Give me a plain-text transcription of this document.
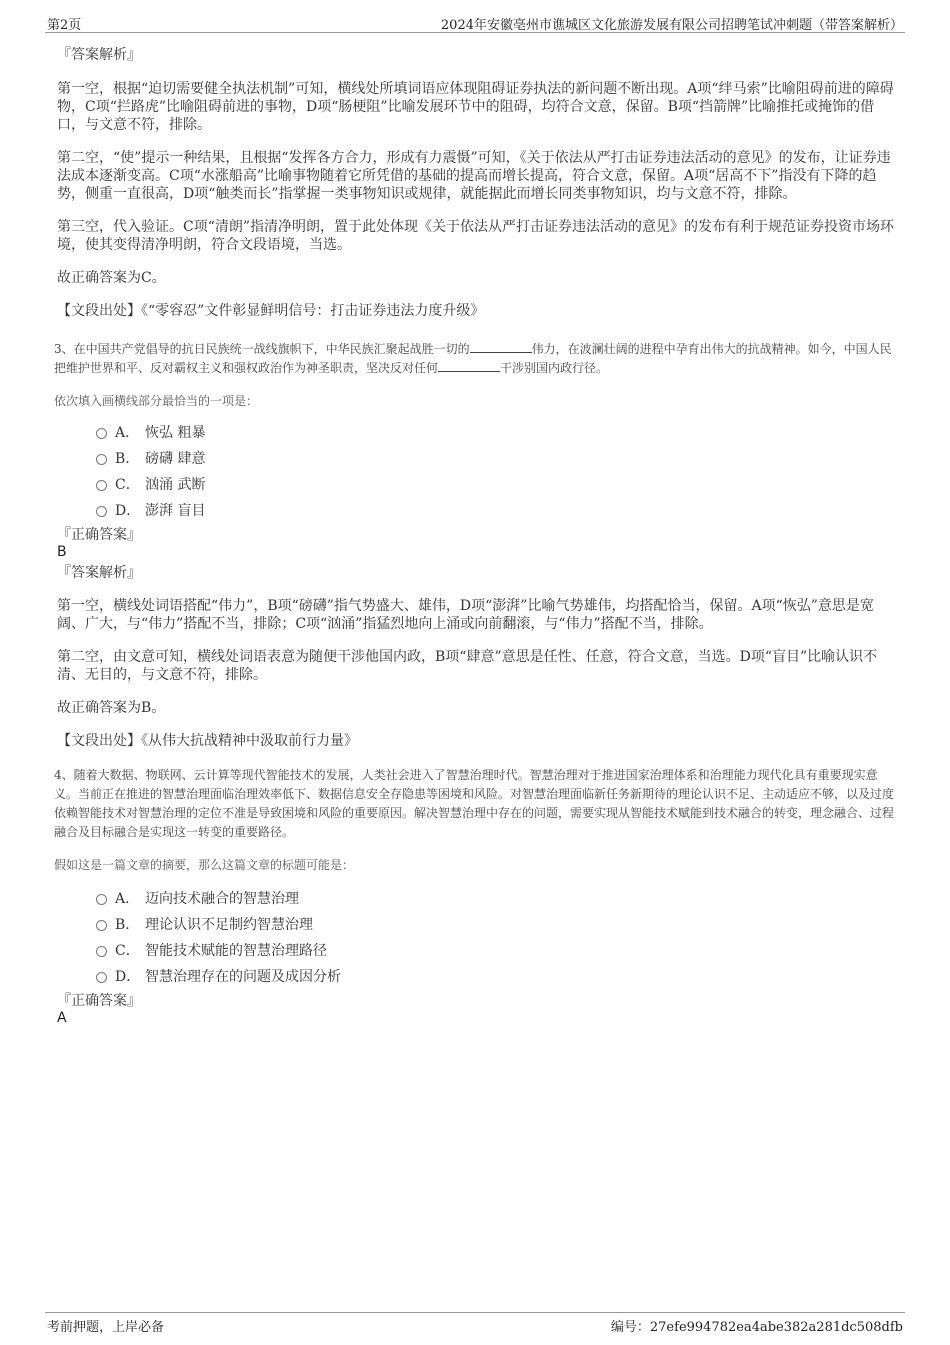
第2页	2024年安徽亳州市谯城区文化旅游发展有限公司招聘笔试冲刺题（带答案解析）

『答案解析』

第一空，根据“迫切需要健全执法机制”可知，横线处所填词语应体现阻碍证券执法的新问题不断出现。A项“绊马索”比喻阻碍前进的障碍物，C项“拦路虎”比喻阻碍前进的事物，D项“肠梗阻”比喻发展环节中的阻碍，均符合文意，保留。B项“挡箭牌”比喻推托或掩饰的借口，与文意不符，排除。

第二空，“使”提示一种结果，且根据“发挥各方合力，形成有力震慑”可知，《关于依法从严打击证券违法活动的意见》的发布，让证券违法成本逐渐变高。C项“水涨船高”比喻事物随着它所凭借的基础的提高而增长提高，符合文意，保留。A项“居高不下”指没有下降的趋势，侧重一直很高，D项“触类而长”指掌握一类事物知识或规律，就能据此而增长同类事物知识，均与文意不符，排除。

第三空，代入验证。C项“清朗”指清净明朗，置于此处体现《关于依法从严打击证券违法活动的意见》的发布有利于规范证券投资市场环境，使其变得清净明朗，符合文段语境，当选。

故正确答案为C。

【文段出处】《“零容忍”文件彰显鲜明信号：打击证券违法力度升级》

3、在中国共产党倡导的抗日民族统一战线旗帜下，中华民族汇聚起战胜一切的	伟力，在波澜壮阔的进程中孕育出伟大的抗战精神。如今，中国人民把维护世界和平、反对霸权主义和强权政治作为神圣职责，坚决反对任何	干涉别国内政行径。

依次填入画横线部分最恰当的一项是：

A． 恢弘 粗暴
B． 磅礴 肆意
C． 汹涌 武断
D． 澎湃 盲目

『正确答案』

B

『答案解析』

第一空，横线处词语搭配“伟力”，B项“磅礴”指气势盛大、雄伟，D项“澎湃”比喻气势雄伟，均搭配恰当，保留。A项“恢弘”意思是宽阔、广大，与“伟力”搭配不当，排除；C项“汹涌”指猛烈地向上涌或向前翻滚，与“伟力”搭配不当，排除。

第二空，由文意可知，横线处词语表意为随便干涉他国内政，B项“肆意”意思是任性、任意，符合文意，当选。D项“盲目”比喻认识不清、无目的，与文意不符，排除。

故正确答案为B。

【文段出处】《从伟大抗战精神中汲取前行力量》

4、随着大数据、物联网、云计算等现代智能技术的发展，人类社会进入了智慧治理时代。智慧治理对于推进国家治理体系和治理能力现代化具有重要现实意义。当前正在推进的智慧治理面临治理效率低下、数据信息安全存隐患等困境和风险。对智慧治理面临新任务新期待的理论认识不足、主动适应不够，以及过度依赖智能技术对智慧治理的定位不准是导致困境和风险的重要原因。解决智慧治理中存在的问题，需要实现从智能技术赋能到技术融合的转变，理念融合、过程融合及目标融合是实现这一转变的重要路径。

假如这是一篇文章的摘要，那么这篇文章的标题可能是：

A． 迈向技术融合的智慧治理
B． 理论认识不足制约智慧治理
C． 智能技术赋能的智慧治理路径
D． 智慧治理存在的问题及成因分析

『正确答案』

A

考前押题，上岸必备	编号：27efe994782ea4abe382a281dc508dfb
